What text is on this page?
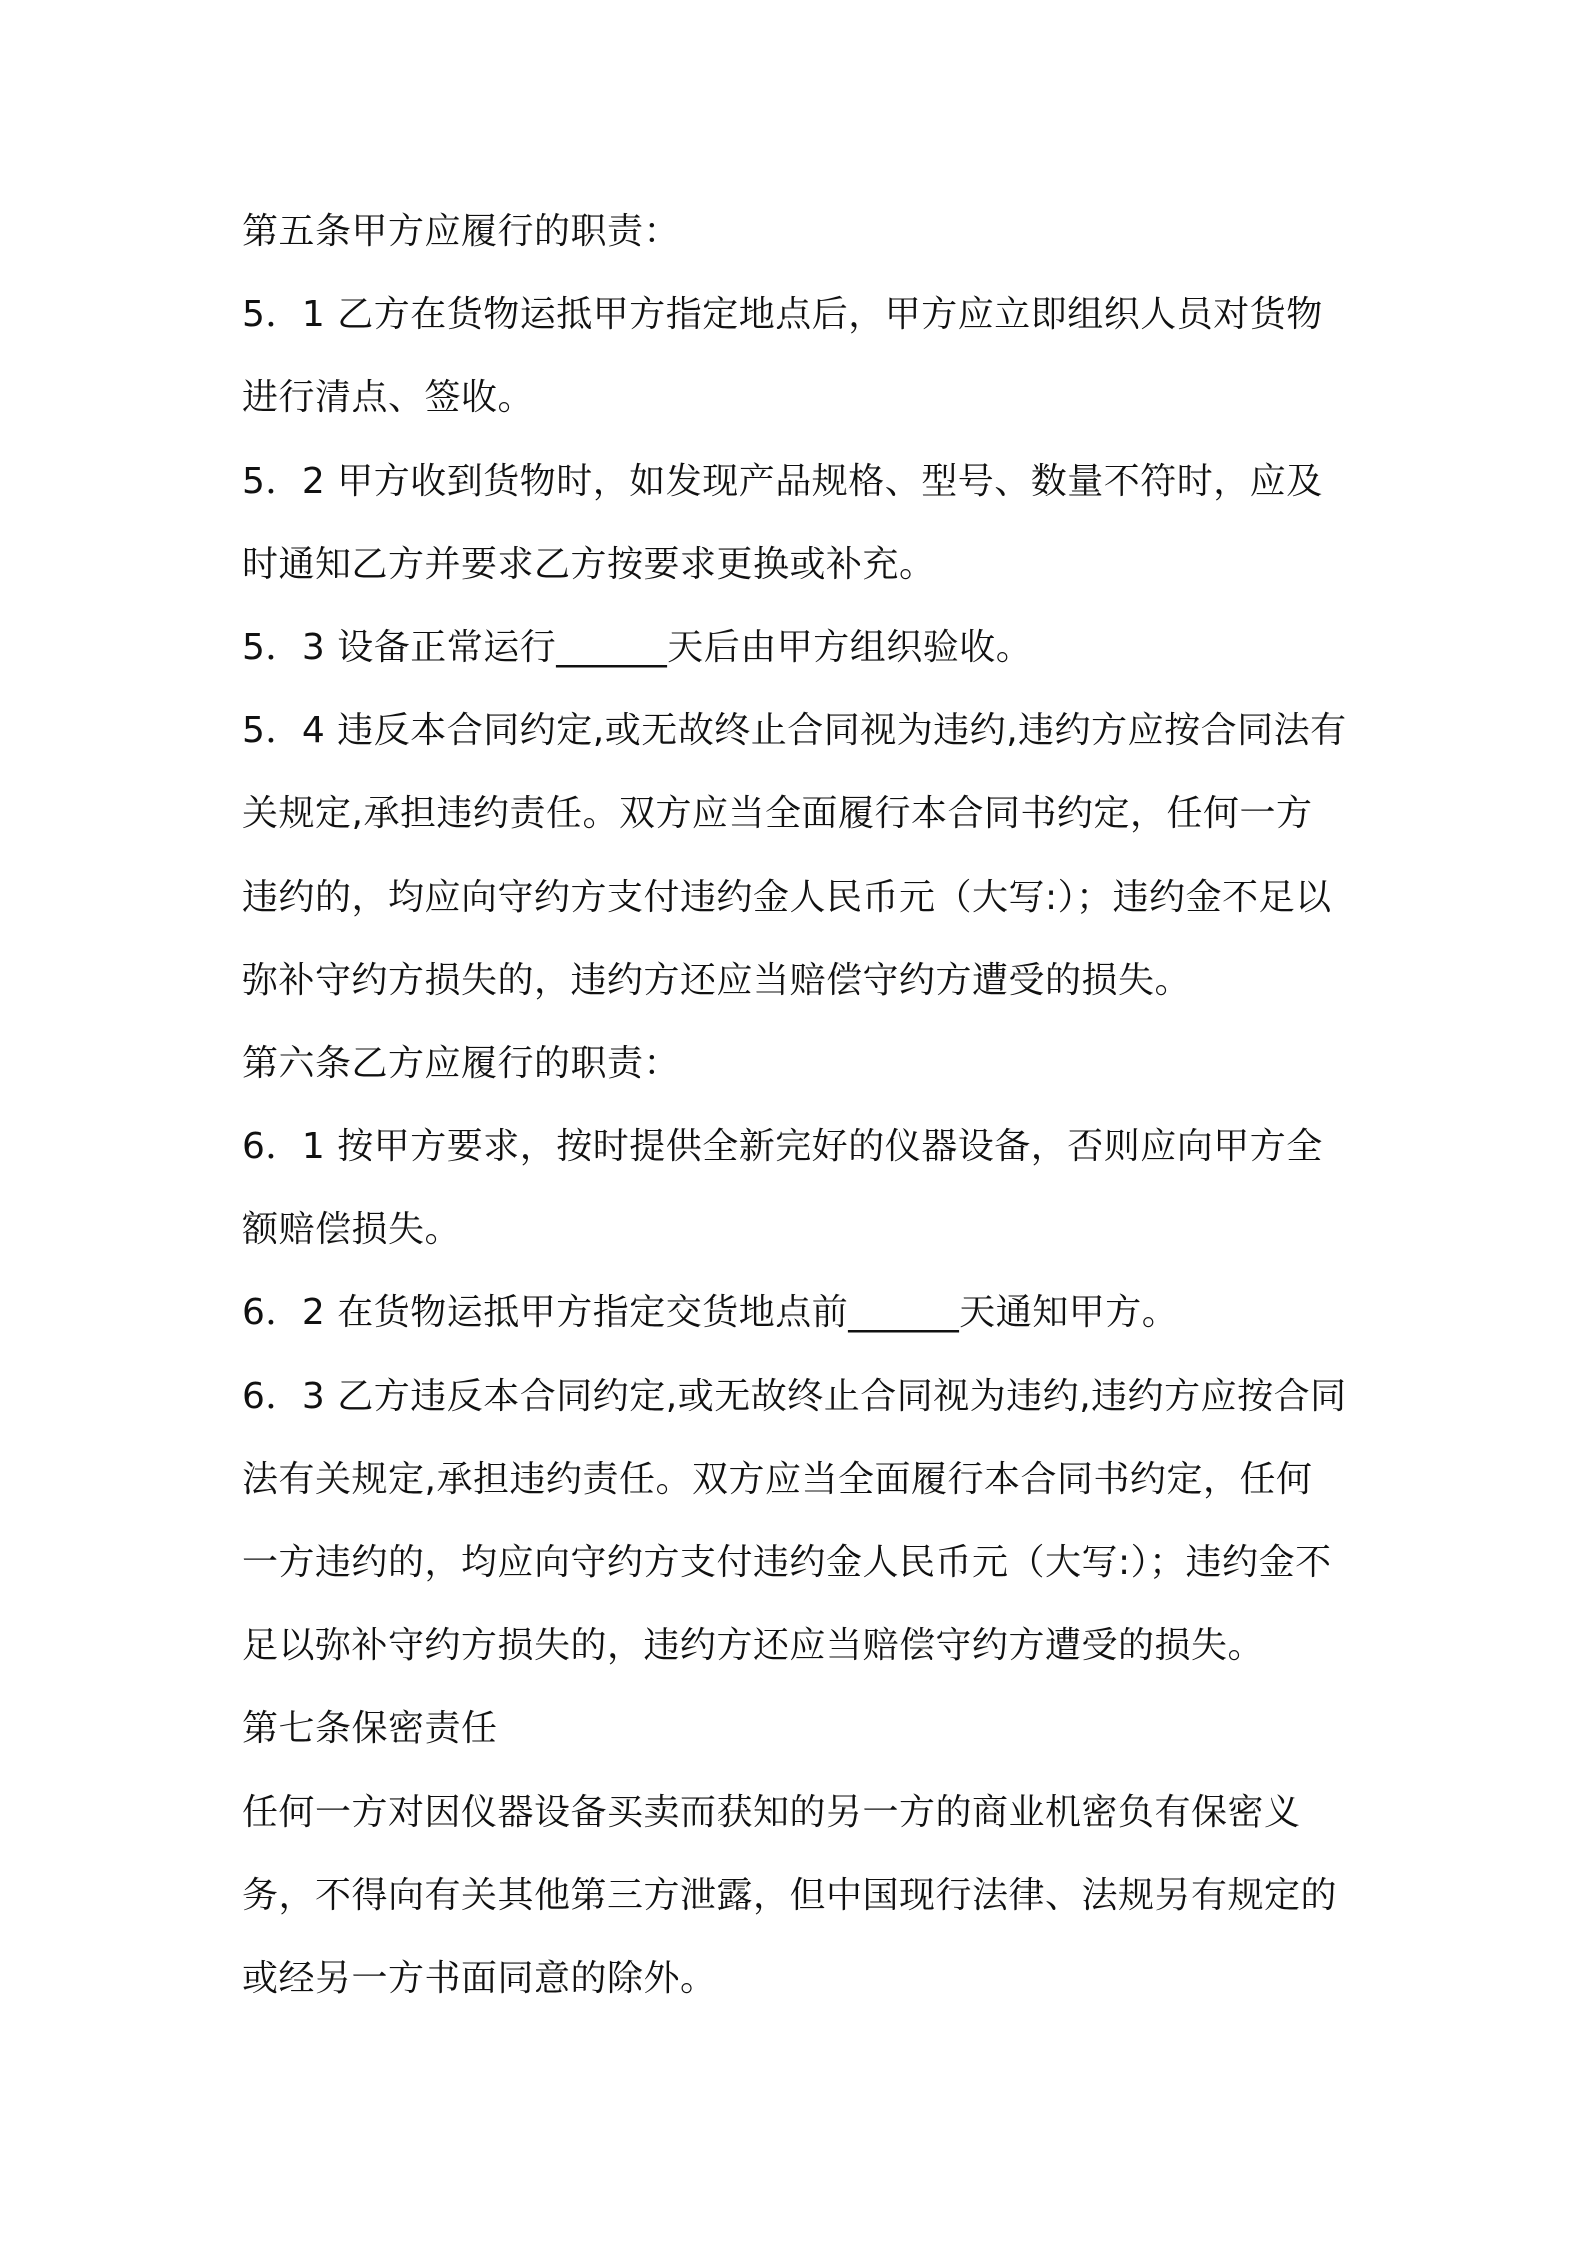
第五条甲方应履行的职责：
5．1 乙方在货物运抵甲方指定地点后，甲方应立即组织人员对货物
进行清点、签收。
5．2 甲方收到货物时，如发现产品规格、型号、数量不符时，应及
时通知乙方并要求乙方按要求更换或补充。
5．3 设备正常运行______天后由甲方组织验收。
5．4 违反本合同约定,或无故终止合同视为违约,违约方应按合同法有
关规定,承担违约责任。双方应当全面履行本合同书约定，任何一方
违约的，均应向守约方支付违约金人民币元（大写:）；违约金不足以
弥补守约方损失的，违约方还应当赔偿守约方遭受的损失。
第六条乙方应履行的职责：
6．1 按甲方要求，按时提供全新完好的仪器设备，否则应向甲方全
额赔偿损失。
6．2 在货物运抵甲方指定交货地点前______天通知甲方。
6．3 乙方违反本合同约定,或无故终止合同视为违约,违约方应按合同
法有关规定,承担违约责任。双方应当全面履行本合同书约定，任何
一方违约的，均应向守约方支付违约金人民币元（大写:）；违约金不
足以弥补守约方损失的，违约方还应当赔偿守约方遭受的损失。
第七条保密责任
任何一方对因仪器设备买卖而获知的另一方的商业机密负有保密义
务，不得向有关其他第三方泄露，但中国现行法律、法规另有规定的
或经另一方书面同意的除外。
